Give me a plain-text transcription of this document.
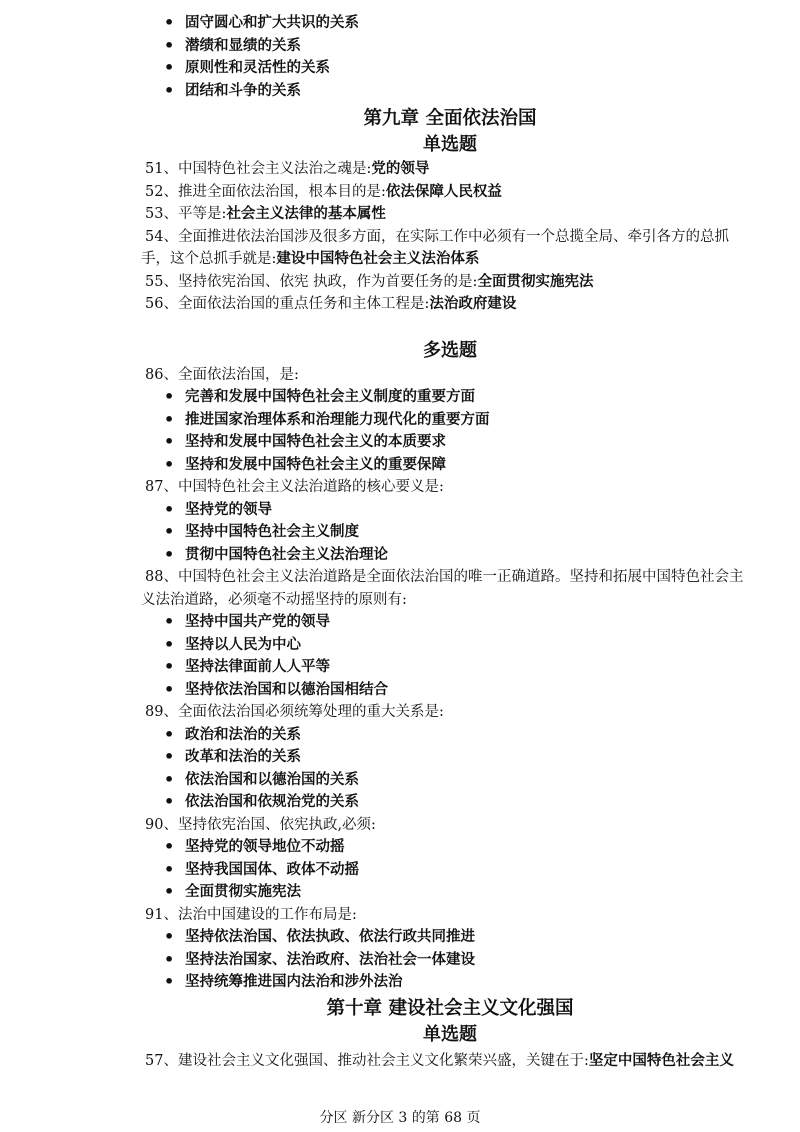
• 固守圆心和扩大共识的关系
• 潜绩和显绩的关系
• 原则性和灵活性的关系
• 团结和斗争的关系
第九章 全面依法治国
单选题
51、中国特色社会主义法治之魂是:党的领导
52、推进全面依法治国，根本目的是:依法保障人民权益
53、平等是:社会主义法律的基本属性
54、全面推进依法治国涉及很多方面，在实际工作中必须有一个总揽全局、牵引各方的总抓
手，这个总抓手就是:建设中国特色社会主义法治体系
55、坚持依宪治国、依宪 执政，作为首要任务的是:全面贯彻实施宪法
56、全面依法治国的重点任务和主体工程是:法治政府建设
多选题
86、全面依法治国，是:
• 完善和发展中国特色社会主义制度的重要方面
• 推进国家治理体系和治理能力现代化的重要方面
• 坚持和发展中国特色社会主义的本质要求
• 坚持和发展中国特色社会主义的重要保障
87、中国特色社会主义法治道路的核心要义是:
• 坚持党的领导
• 坚持中国特色社会主义制度
• 贯彻中国特色社会主义法治理论
88、中国特色社会主义法治道路是全面依法治国的唯一正确道路。坚持和拓展中国特色社会主
义法治道路，必须毫不动摇坚持的原则有:
• 坚持中国共产党的领导
• 坚持以人民为中心
• 坚持法律面前人人平等
• 坚持依法治国和以德治国相结合
89、全面依法治国必须统筹处理的重大关系是:
• 政治和法治的关系
• 改革和法治的关系
• 依法治国和以德治国的关系
• 依法治国和依规治党的关系
90、坚持依宪治国、依宪执政,必须:
• 坚持党的领导地位不动摇
• 坚持我国国体、政体不动摇
• 全面贯彻实施宪法
91、法治中国建设的工作布局是:
• 坚持依法治国、依法执政、依法行政共同推进
• 坚持法治国家、法治政府、法治社会一体建设
• 坚持统筹推进国内法治和涉外法治
第十章 建设社会主义文化强国
单选题
57、建设社会主义文化强国、推动社会主义文化繁荣兴盛，关键在于:坚定中国特色社会主义
分区 新分区 3 的第 68 页
